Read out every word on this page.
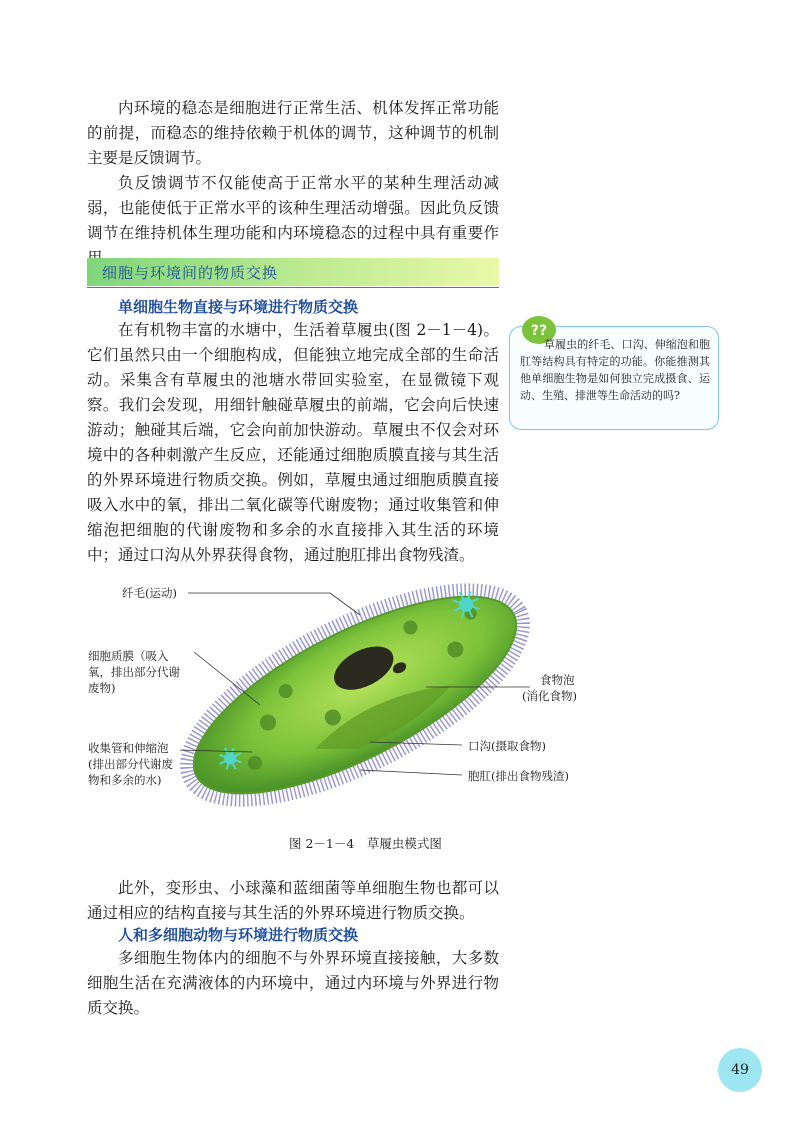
内环境的稳态是细胞进行正常生活、机体发挥正常功能的前提，而稳态的维持依赖于机体的调节，这种调节的机制主要是反馈调节。

负反馈调节不仅能使高于正常水平的某种生理活动减弱，也能使低于正常水平的该种生理活动增强。因此负反馈调节在维持机体生理功能和内环境稳态的过程中具有重要作

细胞与环境间的物质交换
单细胞生物直接与环境进行物质交换

在有机物丰富的水塘中，生活着草履虫(图 2－1－4)。它们虽然只由一个细胞构成，但能独立地完成全部的生命活动。采集含有草履虫的池塘水带回实验室，在显微镜下观察。我们会发现，用细针触碰草履虫的前端，它会向后快速游动；触碰其后端，它会向前加快游动。草履虫不仅会对环境中的各种刺激产生反应，还能通过细胞质膜直接与其生活的外界环境进行物质交换。例如，草履虫通过细胞质膜直接吸入水中的氧，排出二氧化碳等代谢废物；通过收集管和伸缩泡把细胞的代谢废物和多余的水直接排入其生活的环境中；通过口沟从外界获得食物，通过胞肛排出食物残渣。

??
草履虫的纤毛、口沟、伸缩泡和胞肛等结构具有特定的功能。你能推测其他单细胞生物是如何独立完成摄食、运动、生殖、排泄等生命活动的吗?
纤毛(运动)
细胞质膜（吸入
氧，排出部分代谢
废物)
收集管和伸缩泡
(排出部分代谢废
物和多余的水)
食物泡
(消化食物)
口沟(摄取食物)
胞肛(排出食物残渣)
图 2－1－4　草履虫模式图

此外，变形虫、小球藻和蓝细菌等单细胞生物也都可以通过相应的结构直接与其生活的外界环境进行物质交换。

人和多细胞动物与环境进行物质交换

多细胞生物体内的细胞不与外界环境直接接触，大多数细胞生活在充满液体的内环境中，通过内环境与外界进行物质交换。

49
